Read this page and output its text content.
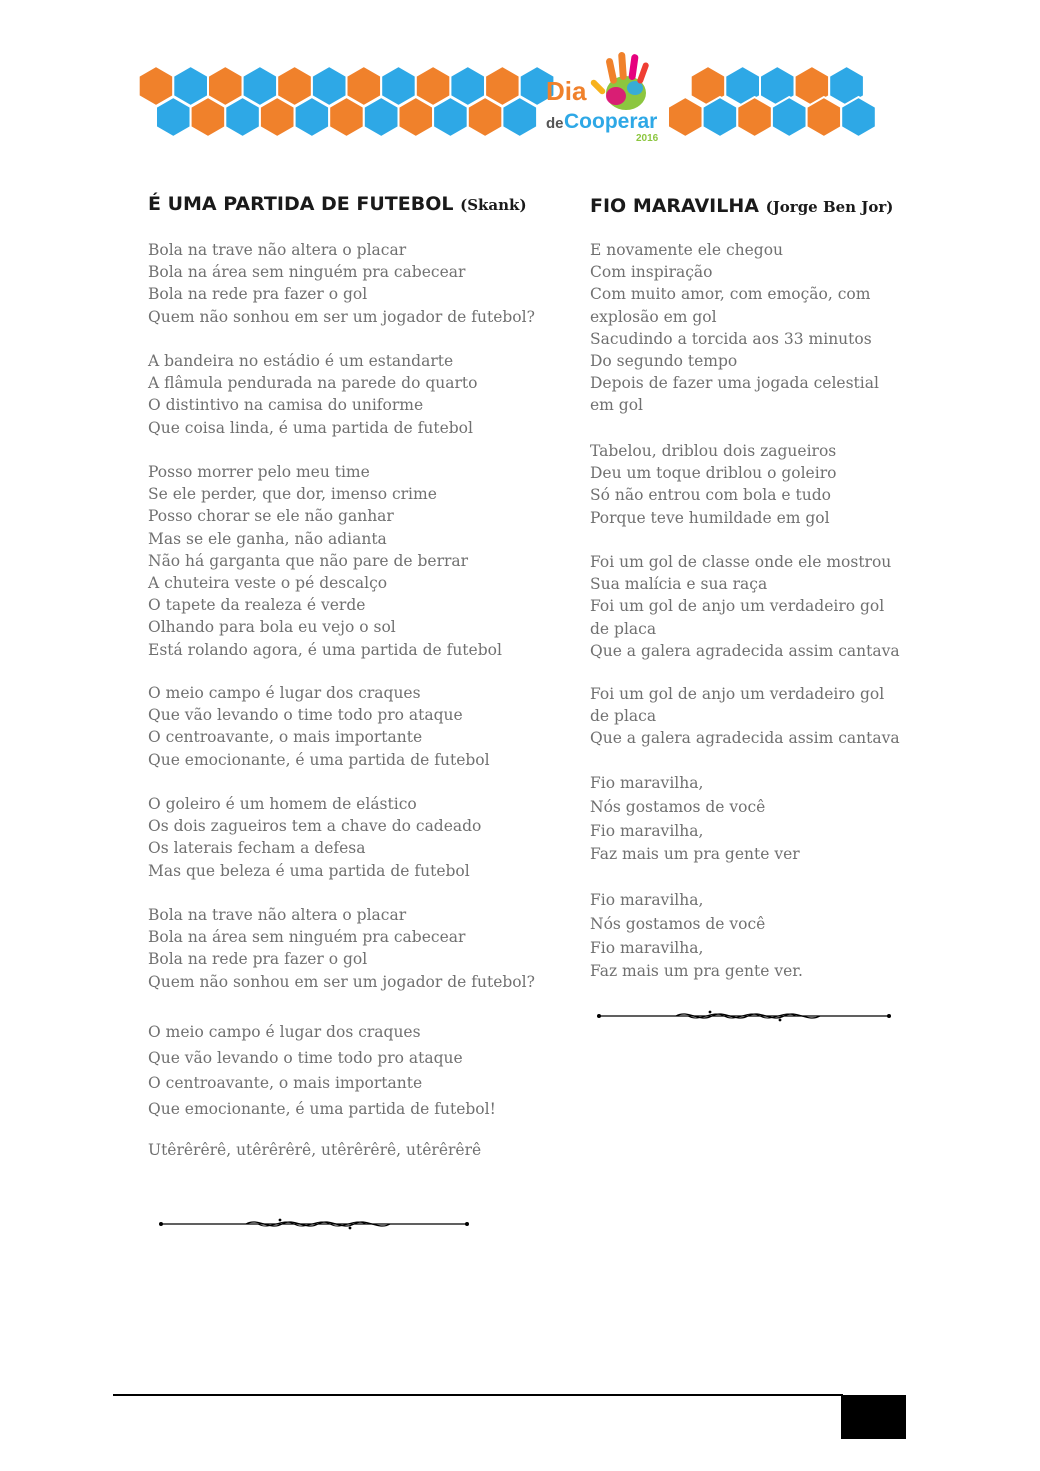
Dia
de Cooperar
2016
É UMA PARTIDA DE FUTEBOL (Skank)

Bola na trave não altera o placar
Bola na área sem ninguém pra cabecear
Bola na rede pra fazer o gol
Quem não sonhou em ser um jogador de futebol?

A bandeira no estádio é um estandarte
A flâmula pendurada na parede do quarto
O distintivo na camisa do uniforme
Que coisa linda, é uma partida de futebol

Posso morrer pelo meu time
Se ele perder, que dor, imenso crime
Posso chorar se ele não ganhar
Mas se ele ganha, não adianta
Não há garganta que não pare de berrar
A chuteira veste o pé descalço
O tapete da realeza é verde
Olhando para bola eu vejo o sol
Está rolando agora, é uma partida de futebol

O meio campo é lugar dos craques
Que vão levando o time todo pro ataque
O centroavante, o mais importante
Que emocionante, é uma partida de futebol

O goleiro é um homem de elástico
Os dois zagueiros tem a chave do cadeado
Os laterais fecham a defesa
Mas que beleza é uma partida de futebol

Bola na trave não altera o placar
Bola na área sem ninguém pra cabecear
Bola na rede pra fazer o gol
Quem não sonhou em ser um jogador de futebol?

O meio campo é lugar dos craques
Que vão levando o time todo pro ataque
O centroavante, o mais importante
Que emocionante, é uma partida de futebol!

Utêrêrêrê, utêrêrêrê, utêrêrêrê, utêrêrêrê

FIO MARAVILHA (Jorge Ben Jor)

E novamente ele chegou
Com inspiração
Com muito amor, com emoção, com
explosão em gol
Sacudindo a torcida aos 33 minutos
Do segundo tempo
Depois de fazer uma jogada celestial
em gol

Tabelou, driblou dois zagueiros
Deu um toque driblou o goleiro
Só não entrou com bola e tudo
Porque teve humildade em gol

Foi um gol de classe onde ele mostrou
Sua malícia e sua raça
Foi um gol de anjo um verdadeiro gol
de placa
Que a galera agradecida assim cantava

Foi um gol de anjo um verdadeiro gol
de placa
Que a galera agradecida assim cantava

Fio maravilha,
Nós gostamos de você
Fio maravilha,
Faz mais um pra gente ver

Fio maravilha,
Nós gostamos de você
Fio maravilha,
Faz mais um pra gente ver.
